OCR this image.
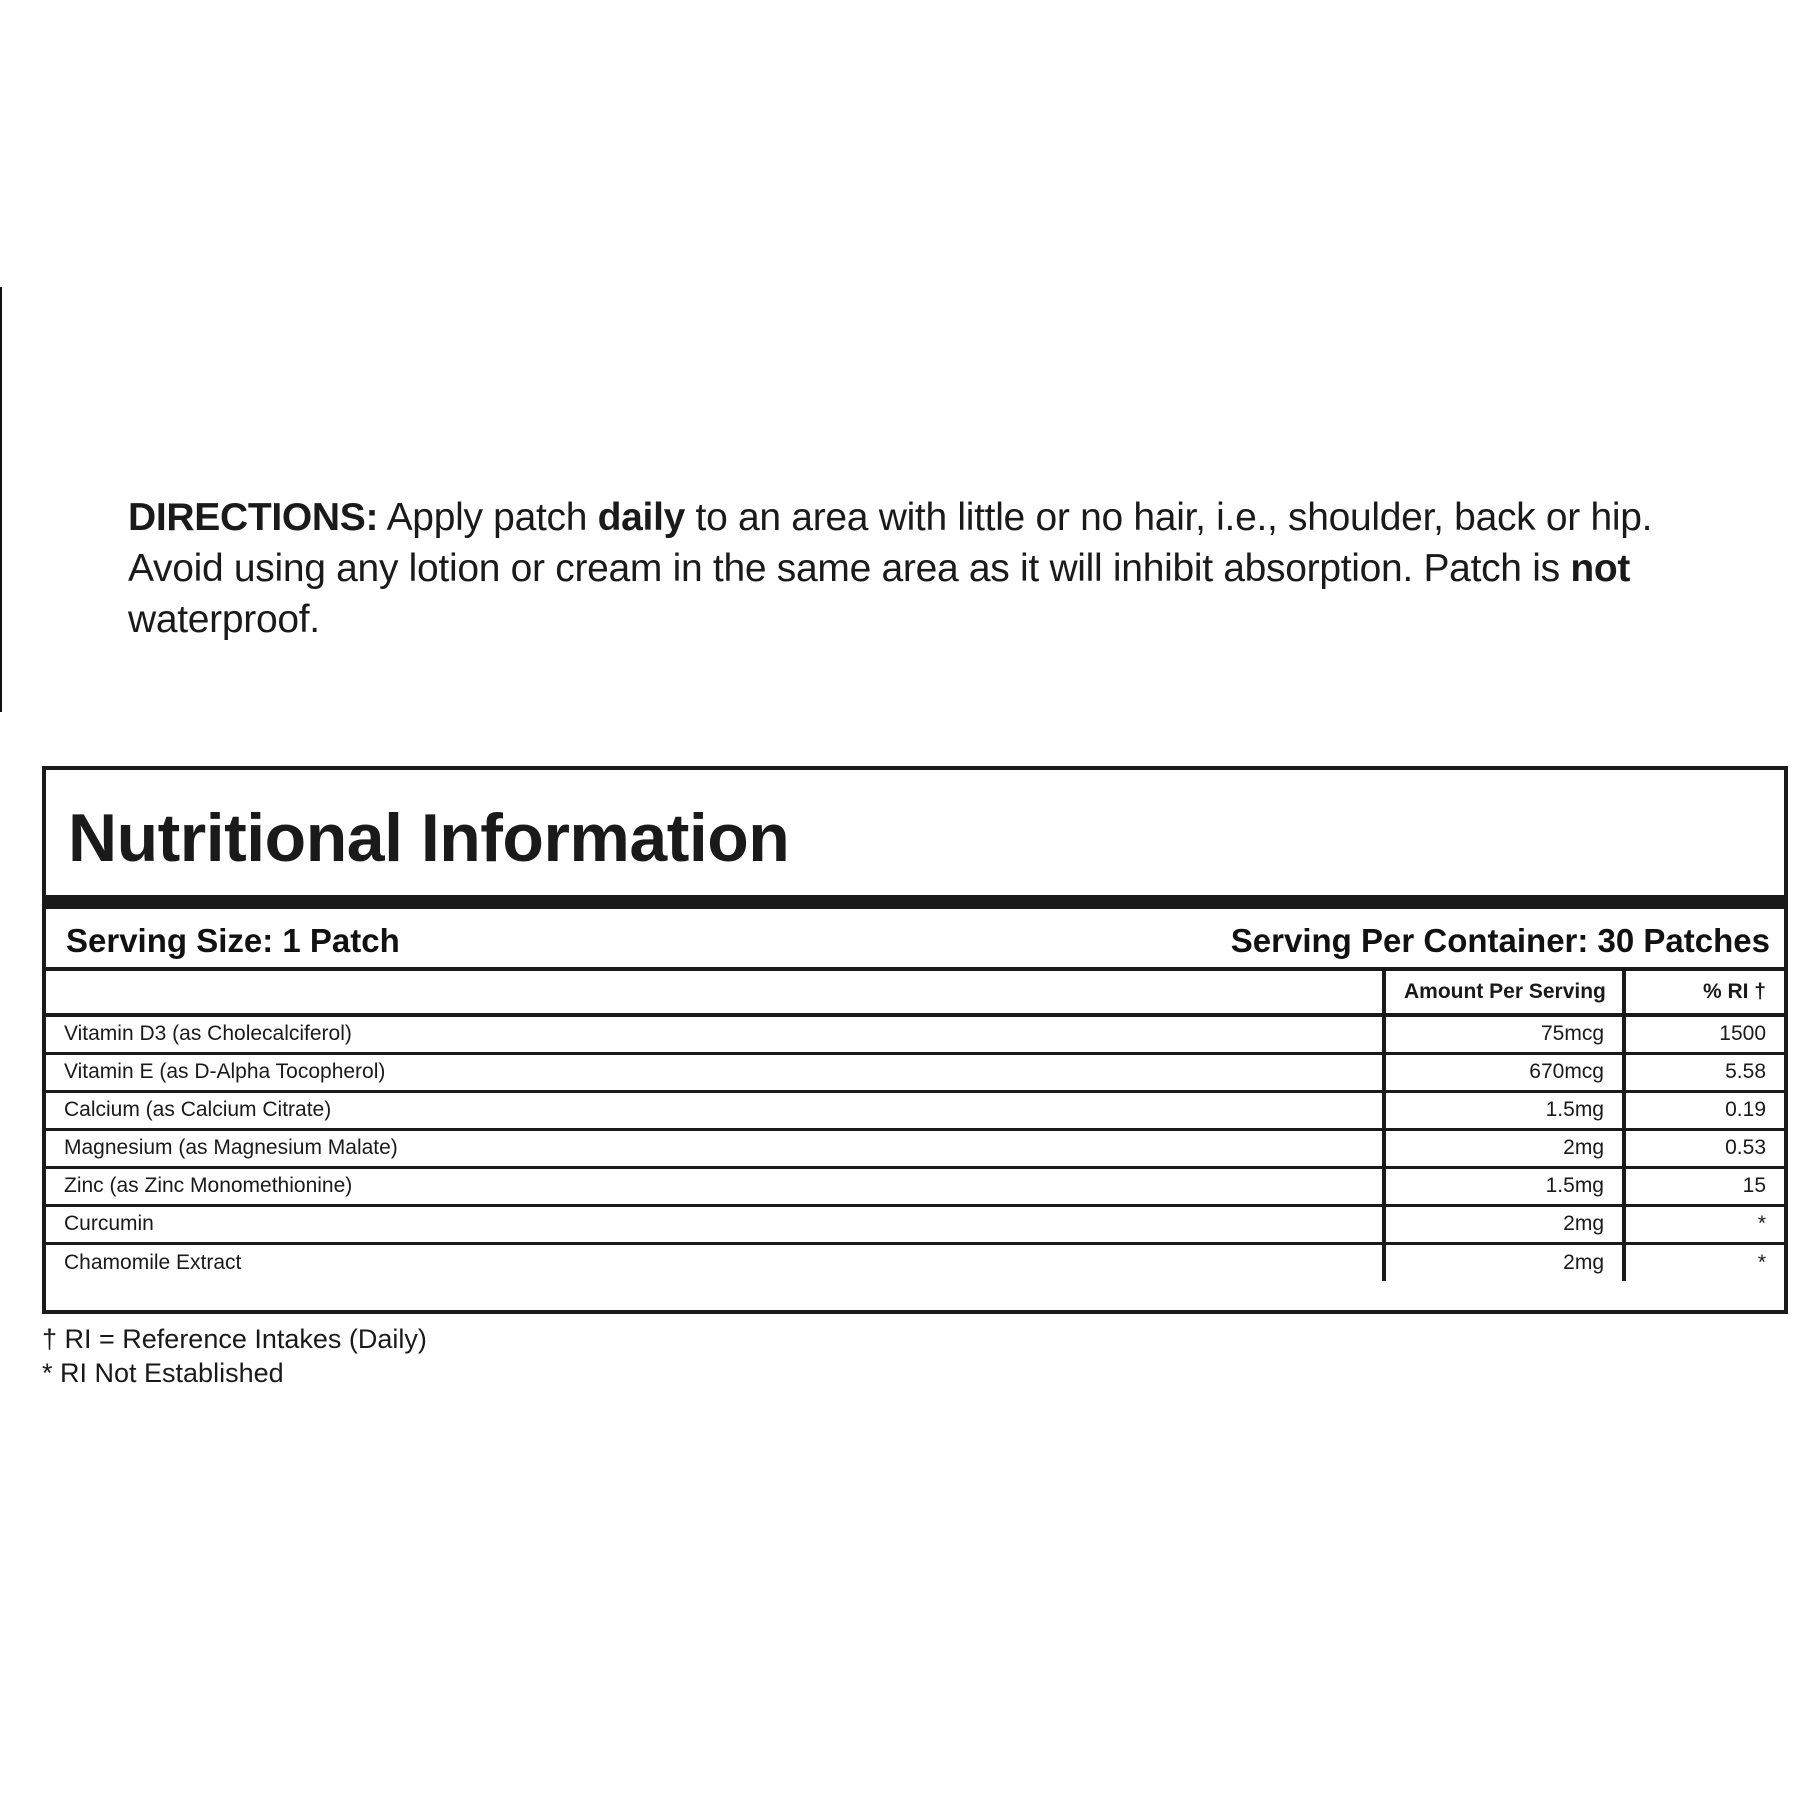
DIRECTIONS: Apply patch daily to an area with little or no hair, i.e., shoulder, back or hip. Avoid using any lotion or cream in the same area as it will inhibit absorption. Patch is not waterproof.
Nutritional Information
Serving Size: 1 Patch	Serving Per Container: 30 Patches
	Amount Per Serving	% RI †
Vitamin D3 (as Cholecalciferol)	75mcg	1500
Vitamin E (as D-Alpha Tocopherol)	670mcg	5.58
Calcium (as Calcium Citrate)	1.5mg	0.19
Magnesium (as Magnesium Malate)	2mg	0.53
Zinc (as Zinc Monomethionine)	1.5mg	15
Curcumin	2mg	*
Chamomile Extract	2mg	*
† RI = Reference Intakes (Daily)
* RI Not Established
